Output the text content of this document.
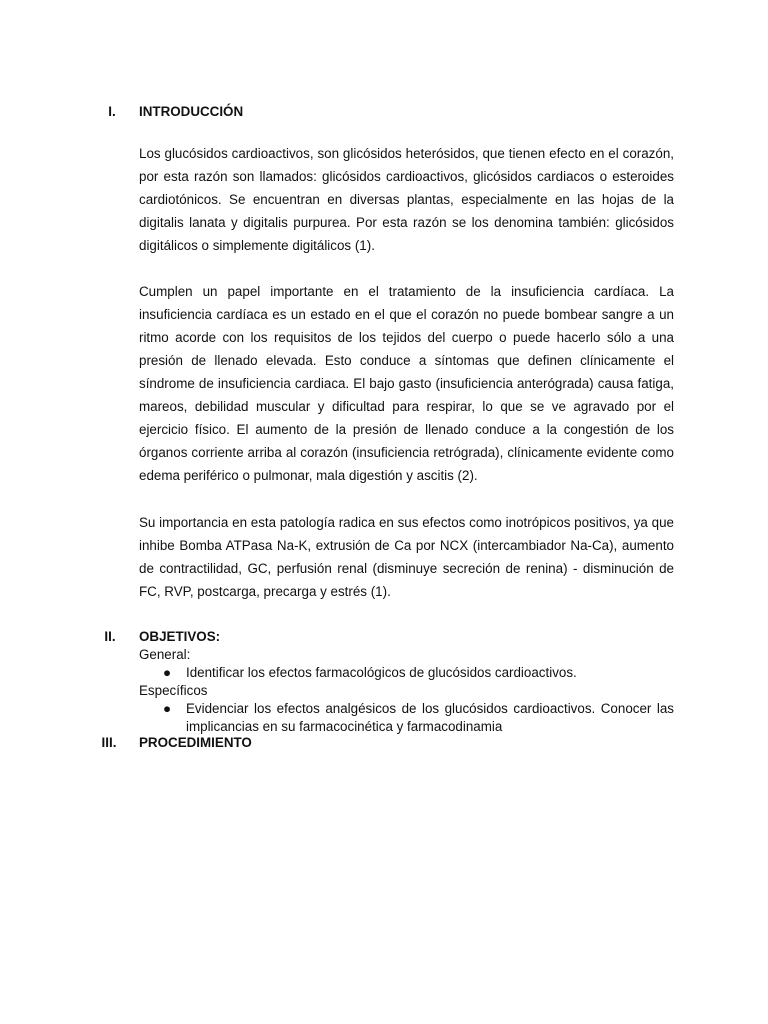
I.	INTRODUCCIÓN

Los glucósidos cardioactivos, son glicósidos heterósidos, que tienen efecto en el corazón, por esta razón son llamados: glicósidos cardioactivos, glicósidos cardiacos o esteroides cardiotónicos. Se encuentran en diversas plantas, especialmente en las hojas de la digitalis lanata y digitalis purpurea. Por esta razón se los denomina también: glicósidos digitálicos o simplemente digitálicos (1).

Cumplen un papel importante en el tratamiento de la insuficiencia cardíaca. La insuficiencia cardíaca es un estado en el que el corazón no puede bombear sangre a un ritmo acorde con los requisitos de los tejidos del cuerpo o puede hacerlo sólo a una presión de llenado elevada. Esto conduce a síntomas que definen clínicamente el síndrome de insuficiencia cardiaca. El bajo gasto (insuficiencia anterógrada) causa fatiga, mareos, debilidad muscular y dificultad para respirar, lo que se ve agravado por el ejercicio físico. El aumento de la presión de llenado conduce a la congestión de los órganos corriente arriba al corazón (insuficiencia retrógrada), clínicamente evidente como edema periférico o pulmonar, mala digestión y ascitis (2).

Su importancia en esta patología radica en sus efectos como inotrópicos positivos, ya que inhibe Bomba ATPasa Na-K, extrusión de Ca por NCX (intercambiador Na-Ca), aumento de contractilidad, GC, perfusión renal (disminuye secreción de renina) - disminución de FC, RVP, postcarga, precarga y estrés (1).

II.	OBJETIVOS:
General:
● Identificar los efectos farmacológicos de glucósidos cardioactivos.
Específicos
● Evidenciar los efectos analgésicos de los glucósidos cardioactivos. Conocer las implicancias en su farmacocinética y farmacodinamia
III.	PROCEDIMIENTO
